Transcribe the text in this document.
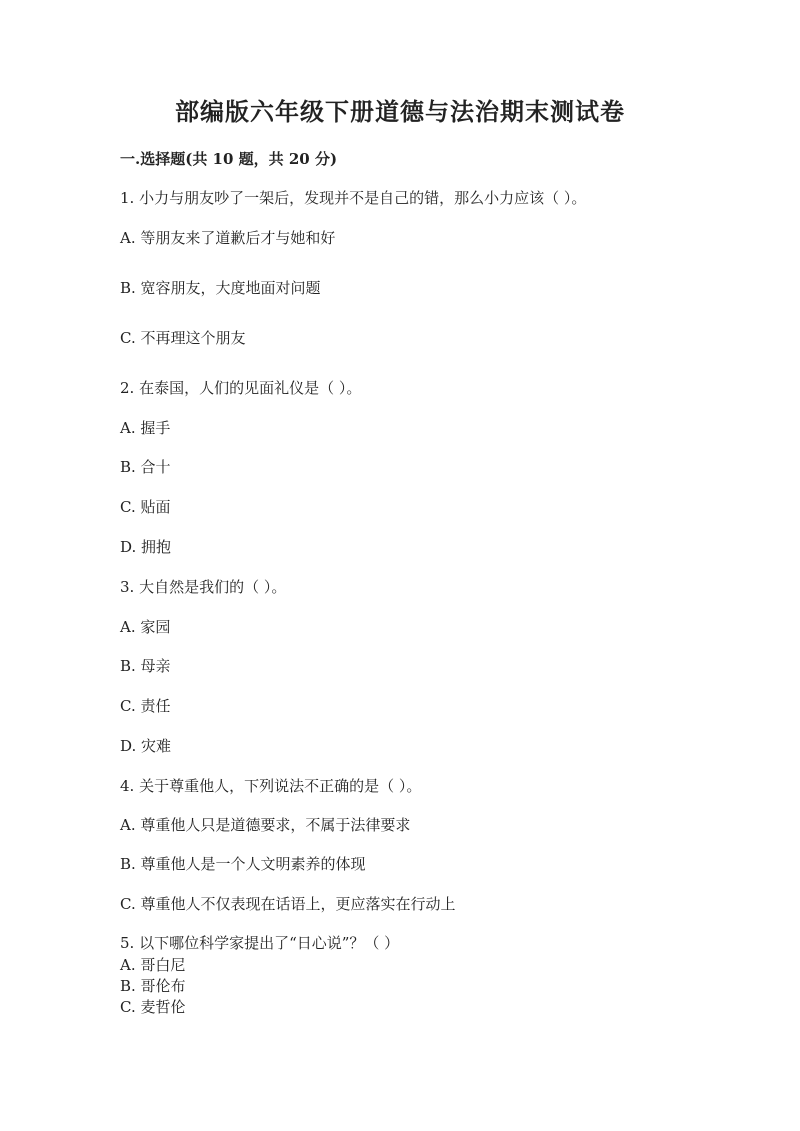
部编版六年级下册道德与法治期末测试卷
一.选择题(共 10 题，共 20 分)
1. 小力与朋友吵了一架后，发现并不是自己的错，那么小力应该（ ）。
A. 等朋友来了道歉后才与她和好
B. 宽容朋友，大度地面对问题
C. 不再理这个朋友
2. 在泰国，人们的见面礼仪是（ ）。
A. 握手
B. 合十
C. 贴面
D. 拥抱
3. 大自然是我们的（ ）。
A. 家园
B. 母亲
C. 责任
D. 灾难
4. 关于尊重他人，下列说法不正确的是（ ）。
A. 尊重他人只是道德要求，不属于法律要求
B. 尊重他人是一个人文明素养的体现
C. 尊重他人不仅表现在话语上，更应落实在行动上
5. 以下哪位科学家提出了“日心说”？（ ）
A. 哥白尼
B. 哥伦布
C. 麦哲伦
